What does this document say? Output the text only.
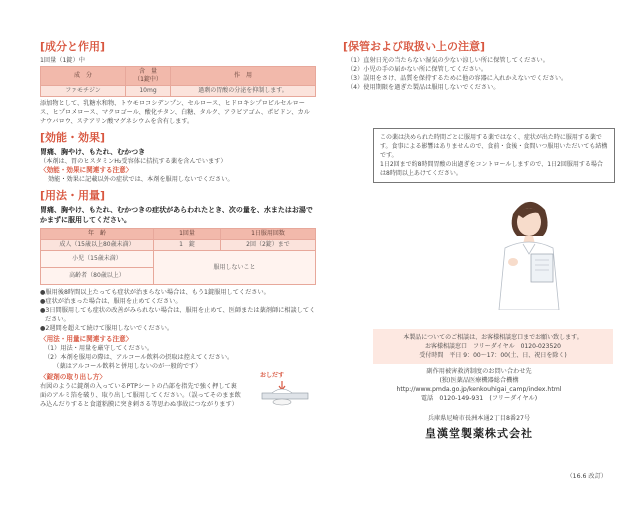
[成分と作用]
1回量（1錠）中
成　分	含　量
（1錠中）	作　用
ファモチジン	10mg	過剰の胃酸の分泌を抑制します。
添加物として、乳糖水和物、トウモロコシデンプン、セルロース、ヒドロキシプロピルセルロース、ヒプロメロース、マクロゴール、酸化チタン、白糖、タルク、アラビアゴム、ポビドン、カルナウバロウ、ステアリン酸マグネシウムを含有します。
[効能・効果]
胃痛、胸やけ、もたれ、むかつき
（本剤は、胃のヒスタミンH₂受容体に拮抗する薬を含んでいます）
〈効能・効果に関連する注意〉
効能・効果に記載以外の症状では、本剤を服用しないでください。
[用法・用量]
胃痛、胸やけ、もたれ、むかつきの症状があらわれたとき、次の量を、水またはお湯でかまずに服用してください。
年　齢	1回量	1日服用回数
成人（15歳以上80歳未満）	1　錠	2回（2錠）まで
小児（15歳未満）	服用しないこと	
高齢者（80歳以上）		
●服用後8時間以上たっても症状が治まらない場合は、もう1錠服用してください。
●症状が治まった場合は、服用を止めてください。
●3日間服用しても症状の改善がみられない場合は、服用を止めて、医師または薬剤師に相談してください。
●2週間を超えて続けて服用しないでください。
〈用法・用量に関連する注意〉
（1）用法・用量を厳守してください。
（2）本剤を服用の際は、アルコール飲料の摂取は控えてください。
　　（薬はアルコール飲料と併用しないのが一般的です）
〈錠剤の取り出し方〉
右図のように錠剤の入っているPTPシートの凸部を指先で強く押して裏面のアルミ箔を破り、取り出して服用してください。（誤ってそのまま飲み込んだりすると食道粘膜に突き刺さる等思わぬ事故につながります）
おしだす
[保管および取扱い上の注意]
（1）直射日光の当たらない湿気の少ない涼しい所に保管してください。
（2）小児の手の届かない所に保管してください。
（3）誤用をさけ、品質を保持するために他の容器に入れかえないでください。
（4）使用期限を過ぎた製品は服用しないでください。
この薬は決められた時間ごとに服用する薬ではなく、症状が出た時に服用する薬です。食事による影響はありませんので、食前・食後・食間いつ服用いただいても結構です。
1日2回まで約8時間胃酸の出過ぎをコントロールしますので、1日2回服用する場合は8時間以上あけてください。
本製品についてのご相談は、お客様相談窓口までお願い致します。
お客様相談窓口　フリーダイヤル　0120-023520
受付時間　平日 9：00～17：00(土、日、祝日を除く)
副作用被害救済制度のお問い合わせ先
(独)医薬品医療機器総合機構
http://www.pmda.go.jp/kenkouhigai_camp/index.html
電話　0120-149-931　(フリーダイヤル)
兵庫県尼崎市長洲本通2丁目8番27号
皇漢堂製薬株式会社
（16.6 改訂）
